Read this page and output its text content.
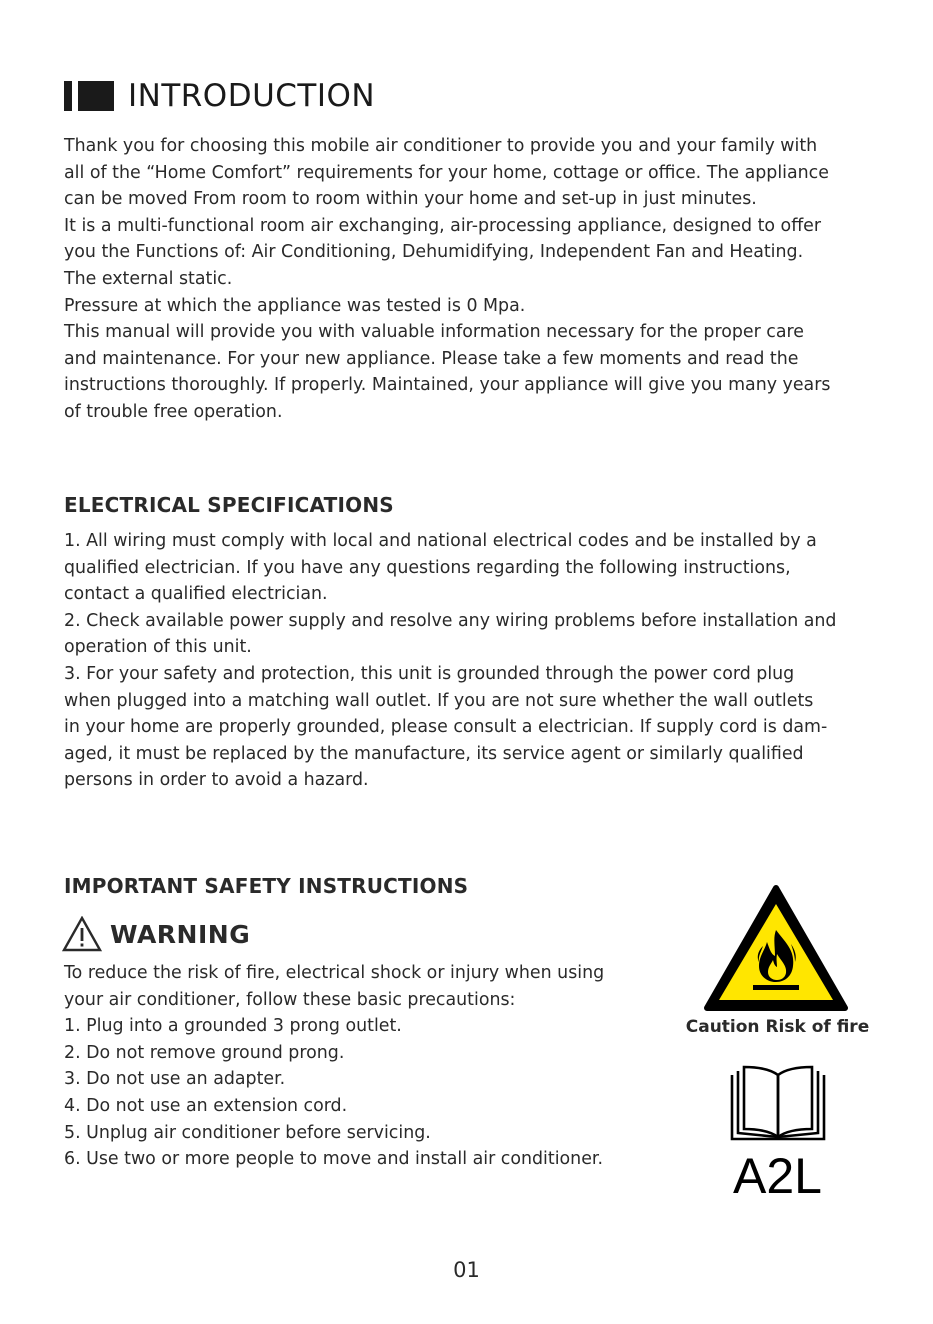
INTRODUCTION

Thank you for choosing this mobile air conditioner to provide you and your family with
all of the “Home Comfort” requirements for your home, cottage or office. The appliance
can be moved From room to room within your home and set-up in just minutes.

It is a multi-functional room air exchanging, air-processing appliance, designed to offer
you the Functions of: Air Conditioning, Dehumidifying, Independent Fan and Heating.

The external static.

Pressure at which the appliance was tested is 0 Mpa.

This manual will provide you with valuable information necessary for the proper care
and maintenance. For your new appliance. Please take a few moments and read the
instructions thoroughly. If properly. Maintained, your appliance will give you many years
of trouble free operation.

ELECTRICAL SPECIFICATIONS

1. All wiring must comply with local and national electrical codes and be installed by a
qualified electrician. If you have any questions regarding the following instructions,
contact a qualified electrician.

2. Check available power supply and resolve any wiring problems before installation and
operation of this unit.

3. For your safety and protection, this unit is grounded through the power cord plug
when plugged into a matching wall outlet. If you are not sure whether the wall outlets
in your home are properly grounded, please consult a electrician. If supply cord is dam-
aged, it must be replaced by the manufacture, its service agent or similarly qualified
persons in order to avoid a hazard.

IMPORTANT SAFETY INSTRUCTIONS
WARNING

To reduce the risk of fire, electrical shock or injury when using
your air conditioner, follow these basic precautions:

1. Plug into a grounded 3 prong outlet.

2. Do not remove ground prong.

3. Do not use an adapter.

4. Do not use an extension cord.

5. Unplug air conditioner before servicing.

6. Use two or more people to move and install air conditioner.

Caution Risk of fire
A2L
01
